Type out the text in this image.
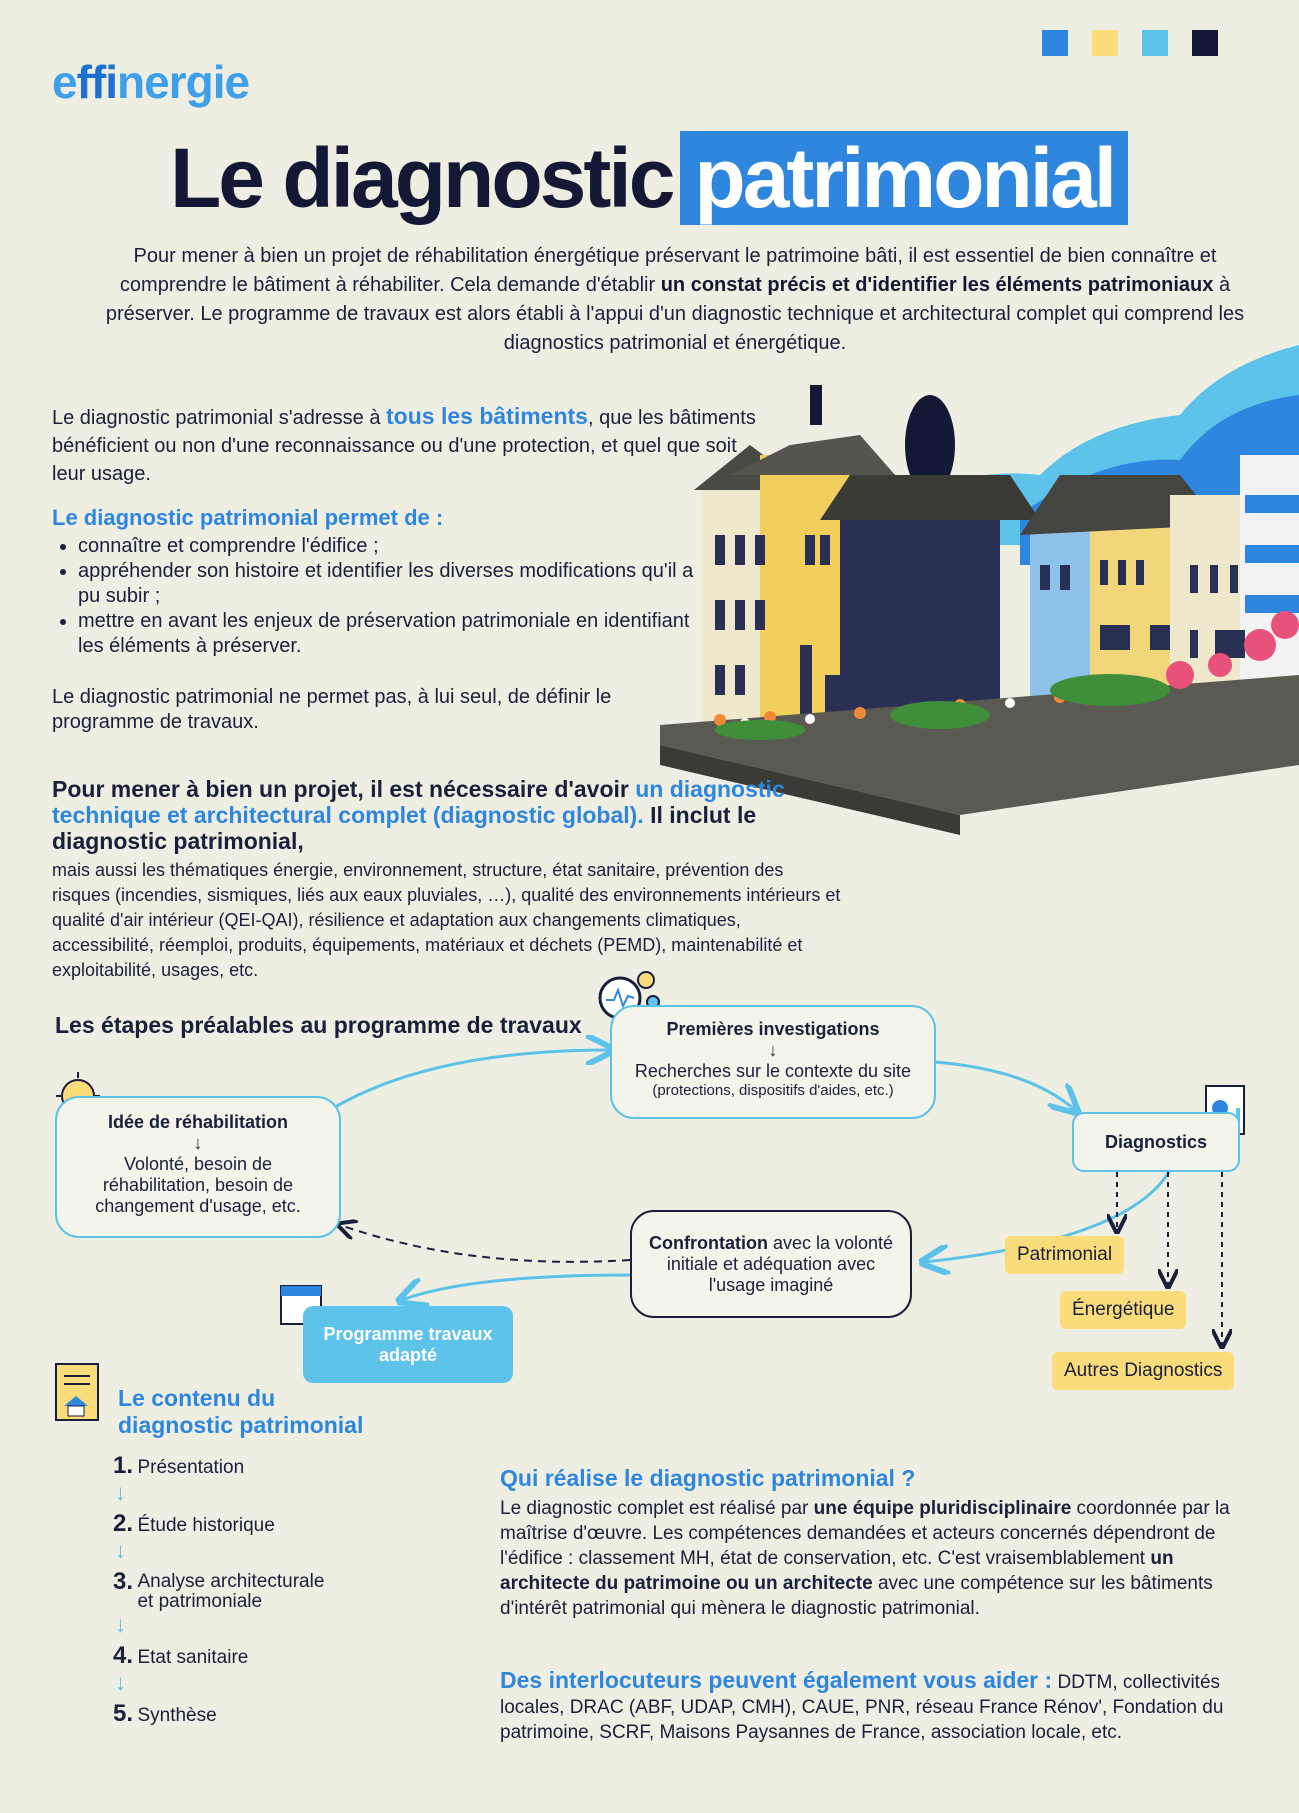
effinergie
Le diagnostic patrimonial
Pour mener à bien un projet de réhabilitation énergétique préservant le patrimoine bâti, il est essentiel de bien connaître et comprendre le bâtiment à réhabiliter. Cela demande d'établir un constat précis et d'identifier les éléments patrimoniaux à préserver. Le programme de travaux est alors établi à l'appui d'un diagnostic technique et architectural complet qui comprend les diagnostics patrimonial et énergétique.
Le diagnostic patrimonial s'adresse à tous les bâtiments, que les bâtiments bénéficient ou non d'une reconnaissance ou d'une protection, et quel que soit leur usage.
Le diagnostic patrimonial permet de :
• connaître et comprendre l'édifice ;
• appréhender son histoire et identifier les diverses modifications qu'il a pu subir ;
• mettre en avant les enjeux de préservation patrimoniale en identifiant les éléments à préserver.
Le diagnostic patrimonial ne permet pas, à lui seul, de définir le programme de travaux.
Pour mener à bien un projet, il est nécessaire d'avoir un diagnostic technique et architectural complet (diagnostic global). Il inclut le diagnostic patrimonial,
mais aussi les thématiques énergie, environnement, structure, état sanitaire, prévention des risques (incendies, sismiques, liés aux eaux pluviales, …), qualité des environnements intérieurs et qualité d'air intérieur (QEI-QAI), résilience et adaptation aux changements climatiques, accessibilité, réemploi, produits, équipements, matériaux et déchets (PEMD), maintenabilité et exploitabilité, usages, etc.
Les étapes préalables au programme de travaux
Idée de réhabilitation
↓
Volonté, besoin de réhabilitation, besoin de changement d'usage, etc.
Premières investigations
↓
Recherches sur le contexte du site
(protections, dispositifs d'aides, etc.)
Diagnostics
Patrimonial
Énergétique
Autres Diagnostics
Confrontation avec la volonté initiale et adéquation avec l'usage imaginé
Programme travaux adapté
Le contenu du
diagnostic patrimonial
1. Présentation
↓
2. Étude historique
↓
3.
Analyse architecturale et patrimoniale
↓
4. Etat sanitaire
↓
5. Synthèse
Qui réalise le diagnostic patrimonial ?
Le diagnostic complet est réalisé par une équipe pluridisciplinaire coordonnée par la maîtrise d'œuvre. Les compétences demandées et acteurs concernés dépendront de l'édifice : classement MH, état de conservation, etc. C'est vraisemblablement un architecte du patrimoine ou un architecte avec une compétence sur les bâtiments d'intérêt patrimonial qui mènera le diagnostic patrimonial.
Des interlocuteurs peuvent également vous aider : DDTM, collectivités locales, DRAC (ABF, UDAP, CMH), CAUE, PNR, réseau France Rénov', Fondation du patrimoine, SCRF, Maisons Paysannes de France, association locale, etc.
